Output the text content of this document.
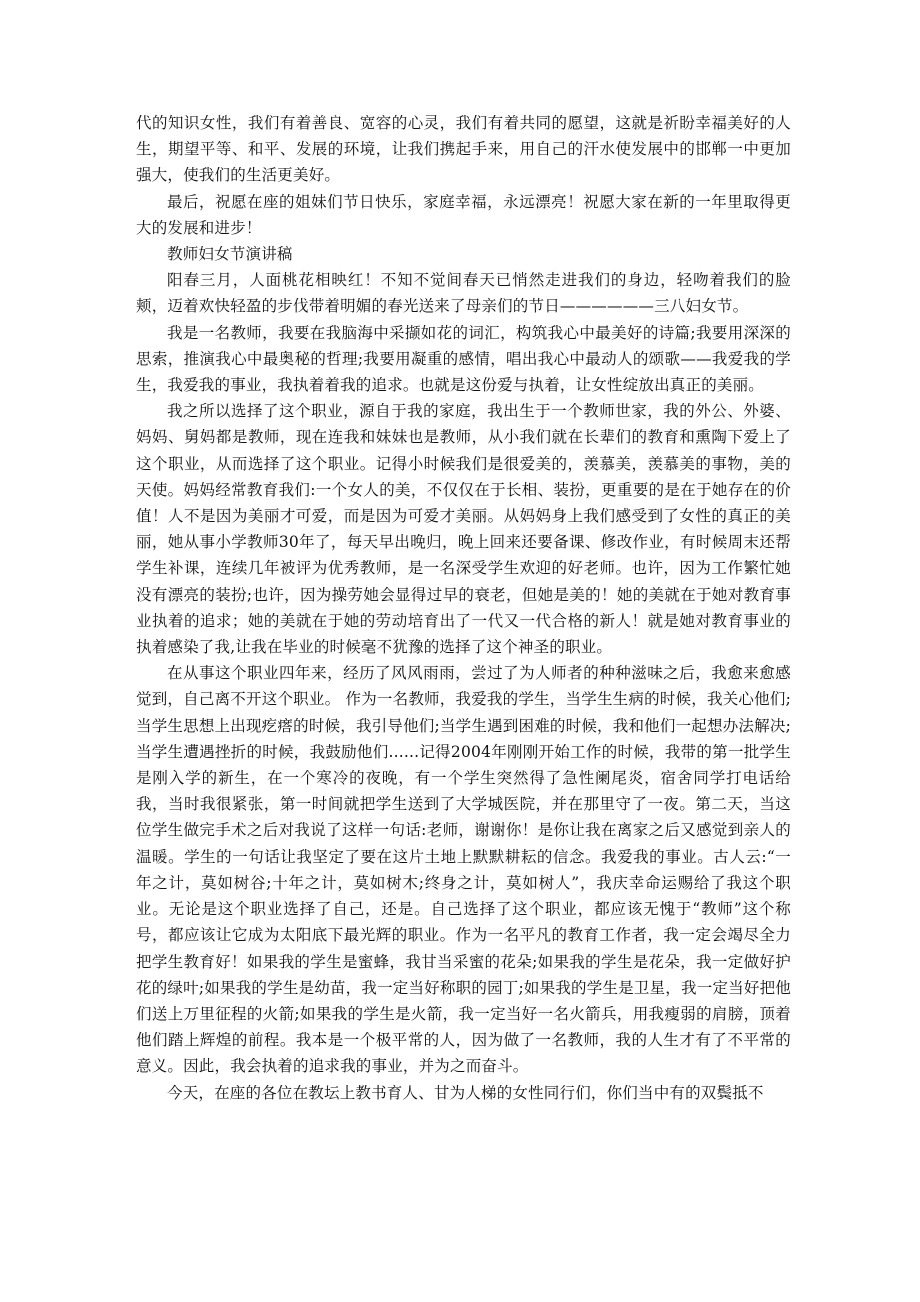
代的知识女性，我们有着善良、宽容的心灵，我们有着共同的愿望，这就是祈盼幸福美好的人生，期望平等、和平、发展的环境，让我们携起手来，用自己的汗水使发展中的邯郸一中更加强大，使我们的生活更美好。

最后，祝愿在座的姐妹们节日快乐，家庭幸福，永远漂亮！祝愿大家在新的一年里取得更大的发展和进步！

教师妇女节演讲稿

阳春三月，人面桃花相映红！不知不觉间春天已悄然走进我们的身边，轻吻着我们的脸颊，迈着欢快轻盈的步伐带着明媚的春光送来了母亲们的节日——————三八妇女节。

我是一名教师，我要在我脑海中采撷如花的词汇，构筑我心中最美好的诗篇;我要用深深的思索，推演我心中最奥秘的哲理;我要用凝重的感情，唱出我心中最动人的颂歌——我爱我的学生，我爱我的事业，我执着着我的追求。也就是这份爱与执着，让女性绽放出真正的美丽。

我之所以选择了这个职业，源自于我的家庭，我出生于一个教师世家，我的外公、外婆、妈妈、舅妈都是教师，现在连我和妹妹也是教师，从小我们就在长辈们的教育和熏陶下爱上了这个职业，从而选择了这个职业。记得小时候我们是很爱美的，羡慕美，羡慕美的事物，美的天使。妈妈经常教育我们:一个女人的美，不仅仅在于长相、装扮，更重要的是在于她存在的价值！人不是因为美丽才可爱，而是因为可爱才美丽。从妈妈身上我们感受到了女性的真正的美丽，她从事小学教师30年了，每天早出晚归，晚上回来还要备课、修改作业，有时候周末还帮学生补课，连续几年被评为优秀教师，是一名深受学生欢迎的好老师。也许，因为工作繁忙她没有漂亮的装扮;也许，因为操劳她会显得过早的衰老，但她是美的！她的美就在于她对教育事业执着的追求；她的美就在于她的劳动培育出了一代又一代合格的新人！就是她对教育事业的执着感染了我,让我在毕业的时候毫不犹豫的选择了这个神圣的职业。

在从事这个职业四年来，经历了风风雨雨，尝过了为人师者的种种滋味之后，我愈来愈感觉到，自己离不开这个职业。 作为一名教师，我爱我的学生，当学生生病的时候，我关心他们;当学生思想上出现疙瘩的时候，我引导他们;当学生遇到困难的时候，我和他们一起想办法解决;当学生遭遇挫折的时候，我鼓励他们......记得2004年刚刚开始工作的时候，我带的第一批学生是刚入学的新生，在一个寒冷的夜晚，有一个学生突然得了急性阑尾炎，宿舍同学打电话给我，当时我很紧张，第一时间就把学生送到了大学城医院，并在那里守了一夜。第二天，当这位学生做完手术之后对我说了这样一句话:老师，谢谢你！是你让我在离家之后又感觉到亲人的温暖。学生的一句话让我坚定了要在这片土地上默默耕耘的信念。我爱我的事业。古人云:“一年之计，莫如树谷;十年之计，莫如树木;终身之计，莫如树人”，我庆幸命运赐给了我这个职业。无论是这个职业选择了自己，还是。自己选择了这个职业，都应该无愧于“教师”这个称号，都应该让它成为太阳底下最光辉的职业。作为一名平凡的教育工作者，我一定会竭尽全力把学生教育好！如果我的学生是蜜蜂，我甘当采蜜的花朵;如果我的学生是花朵，我一定做好护花的绿叶;如果我的学生是幼苗，我一定当好称职的园丁;如果我的学生是卫星，我一定当好把他们送上万里征程的火箭;如果我的学生是火箭，我一定当好一名火箭兵，用我瘦弱的肩膀，顶着他们踏上辉煌的前程。我本是一个极平常的人，因为做了一名教师，我的人生才有了不平常的意义。因此，我会执着的追求我的事业，并为之而奋斗。

今天，在座的各位在教坛上教书育人、甘为人梯的女性同行们，你们当中有的双鬓抵不
